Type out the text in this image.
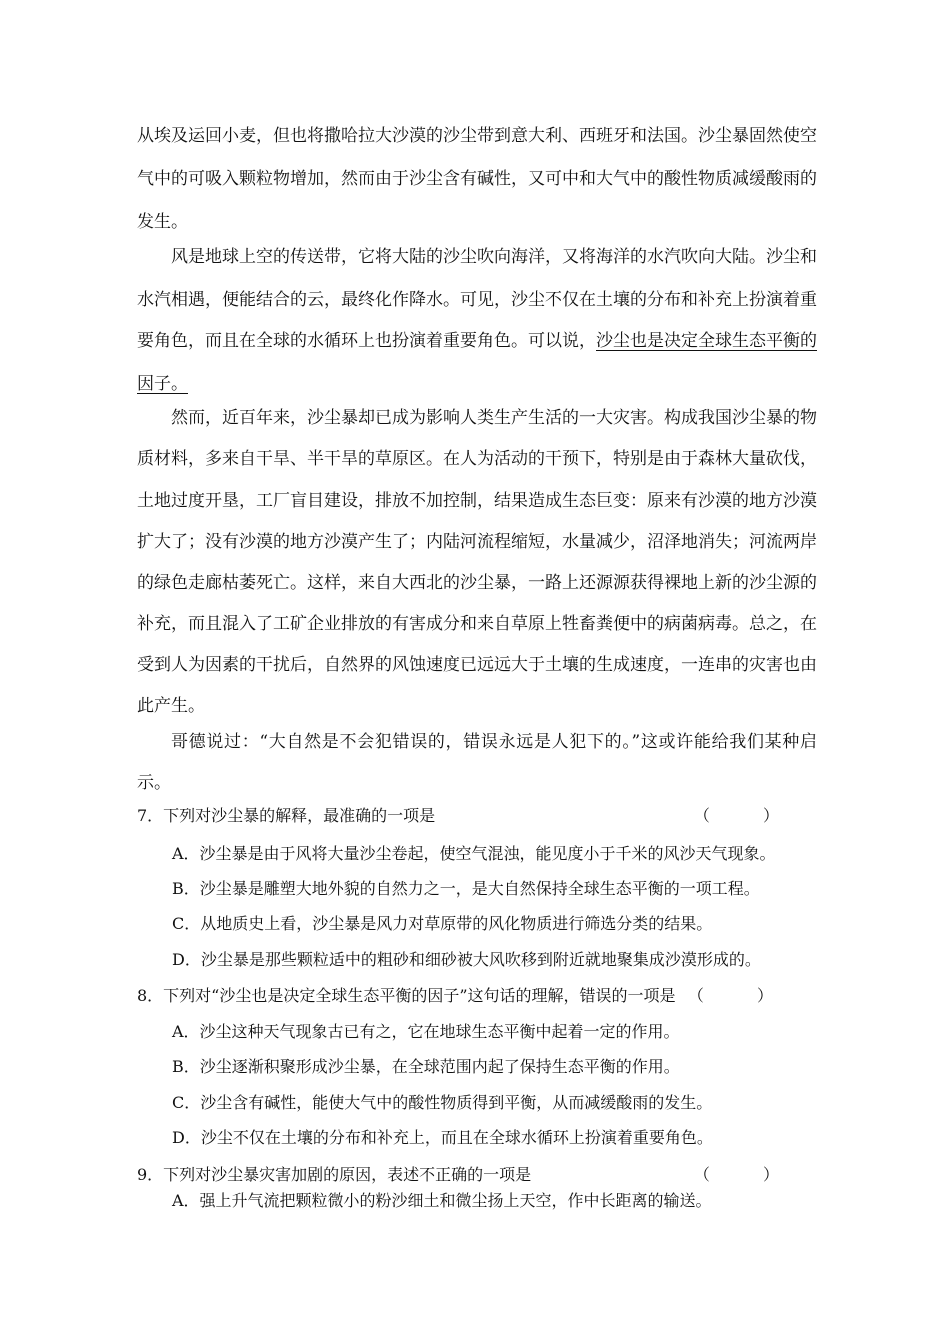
从埃及运回小麦，但也将撒哈拉大沙漠的沙尘带到意大利、西班牙和法国。沙尘暴固然使空
气中的可吸入颗粒物增加，然而由于沙尘含有碱性，又可中和大气中的酸性物质减缓酸雨的
发生。
风是地球上空的传送带，它将大陆的沙尘吹向海洋，又将海洋的水汽吹向大陆。沙尘和
水汽相遇，便能结合的云，最终化作降水。可见，沙尘不仅在土壤的分布和补充上扮演着重
要角色，而且在全球的水循环上也扮演着重要角色。可以说，沙尘也是决定全球生态平衡的
因子。
然而，近百年来，沙尘暴却已成为影响人类生产生活的一大灾害。构成我国沙尘暴的物
质材料，多来自干旱、半干旱的草原区。在人为活动的干预下，特别是由于森林大量砍伐，
土地过度开垦，工厂盲目建设，排放不加控制，结果造成生态巨变：原来有沙漠的地方沙漠
扩大了；没有沙漠的地方沙漠产生了；内陆河流程缩短，水量减少，沼泽地消失；河流两岸
的绿色走廊枯萎死亡。这样，来自大西北的沙尘暴，一路上还源源获得裸地上新的沙尘源的
补充，而且混入了工矿企业排放的有害成分和来自草原上牲畜粪便中的病菌病毒。总之，在
受到人为因素的干扰后，自然界的风蚀速度已远远大于土壤的生成速度，一连串的灾害也由
此产生。
哥德说过：“大自然是不会犯错误的，错误永远是人犯下的。”这或许能给我们某种启
示。
7．下列对沙尘暴的解释，最准确的一项是	（ ）
A．沙尘暴是由于风将大量沙尘卷起，使空气混浊，能见度小于千米的风沙天气现象。
B．沙尘暴是雕塑大地外貌的自然力之一，是大自然保持全球生态平衡的一项工程。
C．从地质史上看，沙尘暴是风力对草原带的风化物质进行筛选分类的结果。
D．沙尘暴是那些颗粒适中的粗砂和细砂被大风吹移到附近就地聚集成沙漠形成的。
8．下列对“沙尘也是决定全球生态平衡的因子”这句话的理解，错误的一项是 （ ）
A．沙尘这种天气现象古已有之，它在地球生态平衡中起着一定的作用。
B．沙尘逐渐积聚形成沙尘暴，在全球范围内起了保持生态平衡的作用。
C．沙尘含有碱性，能使大气中的酸性物质得到平衡，从而减缓酸雨的发生。
D．沙尘不仅在土壤的分布和补充上，而且在全球水循环上扮演着重要角色。
9．下列对沙尘暴灾害加剧的原因，表述不正确的一项是	（ ）
A．强上升气流把颗粒微小的粉沙细土和微尘扬上天空，作中长距离的输送。
